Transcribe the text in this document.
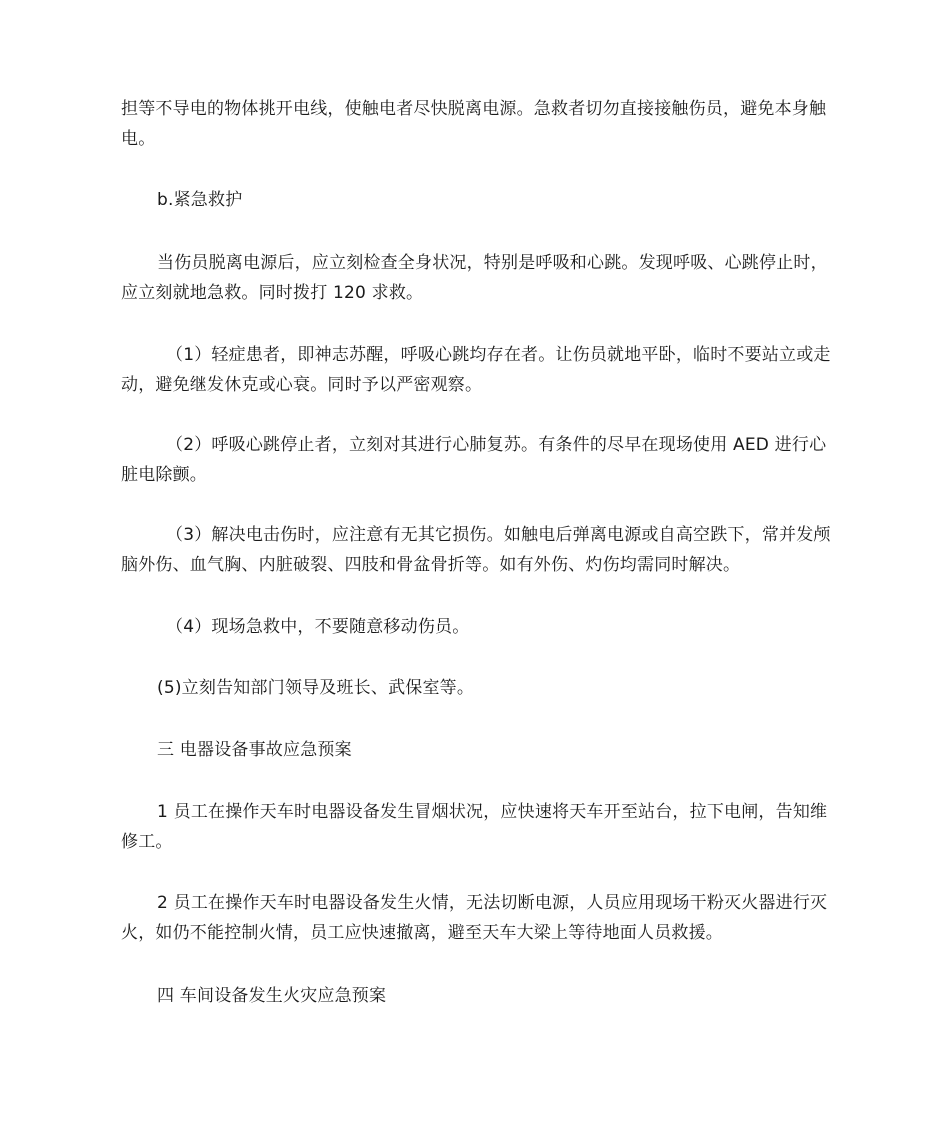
担等不导电的物体挑开电线，使触电者尽快脱离电源。急救者切勿直接接触伤员，避免本身触电。

b.紧急救护

当伤员脱离电源后，应立刻检查全身状况，特别是呼吸和心跳。发现呼吸、心跳停止时，应立刻就地急救。同时拨打 120 求救。

（1）轻症患者，即神志苏醒，呼吸心跳均存在者。让伤员就地平卧，临时不要站立或走动，避免继发休克或心衰。同时予以严密观察。

（2）呼吸心跳停止者，立刻对其进行心肺复苏。有条件的尽早在现场使用 AED 进行心脏电除颤。

（3）解决电击伤时，应注意有无其它损伤。如触电后弹离电源或自高空跌下，常并发颅脑外伤、血气胸、内脏破裂、四肢和骨盆骨折等。如有外伤、灼伤均需同时解决。

（4）现场急救中，不要随意移动伤员。

(5)立刻告知部门领导及班长、武保室等。

三 电器设备事故应急预案

1 员工在操作天车时电器设备发生冒烟状况，应快速将天车开至站台，拉下电闸，告知维修工。

2 员工在操作天车时电器设备发生火情，无法切断电源，人员应用现场干粉灭火器进行灭火，如仍不能控制火情，员工应快速撤离，避至天车大梁上等待地面人员救援。

四 车间设备发生火灾应急预案
